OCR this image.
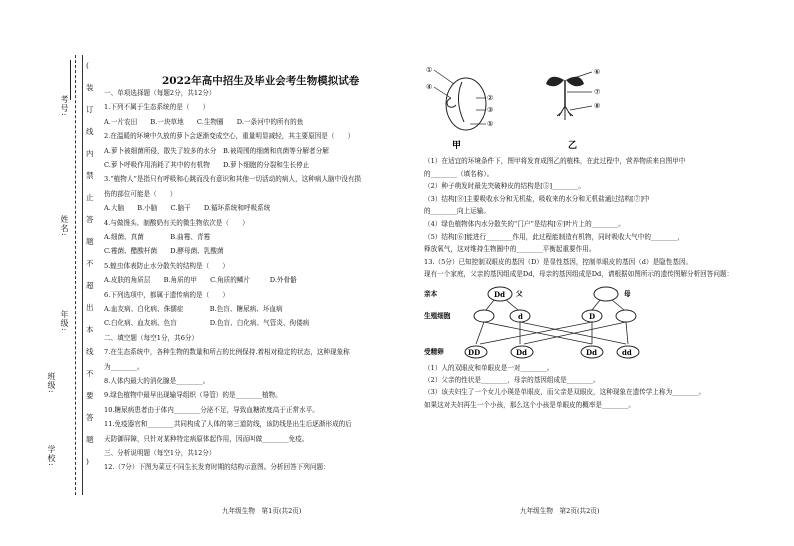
考号:
姓名:
年级:
班级:
学校:
(
装
订
线
内
禁
止
答
题
不
超
出
本
线
不
要
答
题
)
2022年高中招生及毕业会考生物模拟试卷
一、单项选择题（每题2分，共12分）
1.下列不属于生态系统的是（　　）
A.一片农田　　B.一块草地　　C.生物圈　　D.一条河中的所有的鱼
2.在温暖的环境中久放的萝卜会逐渐变成空心，重量明显减轻，其主要原因是（　　）
A.萝卜被细菌所侵，散失了较多的水分　B.被周围的细菌和真菌等分解者分解
C.萝卜呼吸作用消耗了其中的有机物　　D.萝卜细胞的分裂和生长停止
3.“植物人”是指只有呼吸和心跳而没有意识和其他一切活动的病人，这种病人脑中没有损
伤的部位可能是（　　）
A.大脑　　B.小脑　　C.脑干　　D.循环系统和呼吸系统
4.与做馒头、制酸奶有关的微生物依次是（　　）
A.细菌、真菌　　　　B.曲霉、青霉
C.霉菌、醋酸杆菌　　D.酵母菌、乳酸菌
5.蝗虫体表防止水分散失的结构是（　　）
A.皮肤的角质层　　B.角质的甲　　C.角质的鳞片　　　D.外骨骼
6.下列选项中，都属于遗传病的是（　　）
A.血友病、白化病、侏儒症　　　　B.色盲、糖尿病、坏血病
C.白化病、血友病、色盲　　　　　D.色盲、白化病、气管炎、佝偻病
二、填空题（每空1分，共6分）
7.在生态系统中，各种生物的数量和所占的比例保持.着相对稳定的状态，这种现象称
为________。
8.人体内最大的消化腺是________。
9.绿色植物中最早出现输导组织（导管）的是________植物。
10.糖尿病患者由于体内________分泌不足，导致血糖浓度高于正常水平。
11.免疫器官和________共同构成了人体的第三道防线，该防线是出生后逐渐形成的后
天防御屏障，只针对某种特定病原体起作用，因而叫做________免疫。
三、分析说明题（每空1分，共12分）
12.（7分）下图为菜豆不同生长发育时期的结构示意图。分析回答下列问题：
九年级生物　第1页(共2页)
①
④
②
③
⑤
甲
⑥
⑦
⑧
乙
（1）在适宜的环境条件下，图甲将发育成图乙的植株，在此过程中，营养物质来自图甲中
的________（填名称）。
（2）种子萌发时最先突破种皮的结构是[⑤]________。
（3）结构[⑧]主要吸收水分和无机盐，吸收来的水分和无机盐通过结构[⑦]中
的________向上运输。
（4）绿色植物体内水分散失的“门户”是结构[⑥]叶片上的________。
（5）结构[⑥]能进行________作用，此过程能制造有机物，同时吸收大气中的________，
释放氧气，这对维持生物圈中的________平衡起重要作用。
13.（5分）已知控制双眼皮的基因（D）是显性基因，控制单眼皮的基因（d）是隐性基因。
现有一个家庭，父亲的基因组成是Dd，母亲的基因组成是Dd，请根据如图所示的遗传图解分析回答问题：
亲本
生殖细胞
受精卵
Dd 父	母
d	D
DD	Dd	Dd	dd
（1）人的双眼皮和单眼皮是一对________。
（2）父亲的性状是________，母亲的基因组成是________。
（3）该夫妇生了一个女儿小瑛是单眼皮，而父亲是双眼皮，这种现象在遗传学上称为________。
如果这对夫妇再生一个小孩，那么这个小孩是单眼皮的概率是________。
九年级生物　第2页(共2页)
